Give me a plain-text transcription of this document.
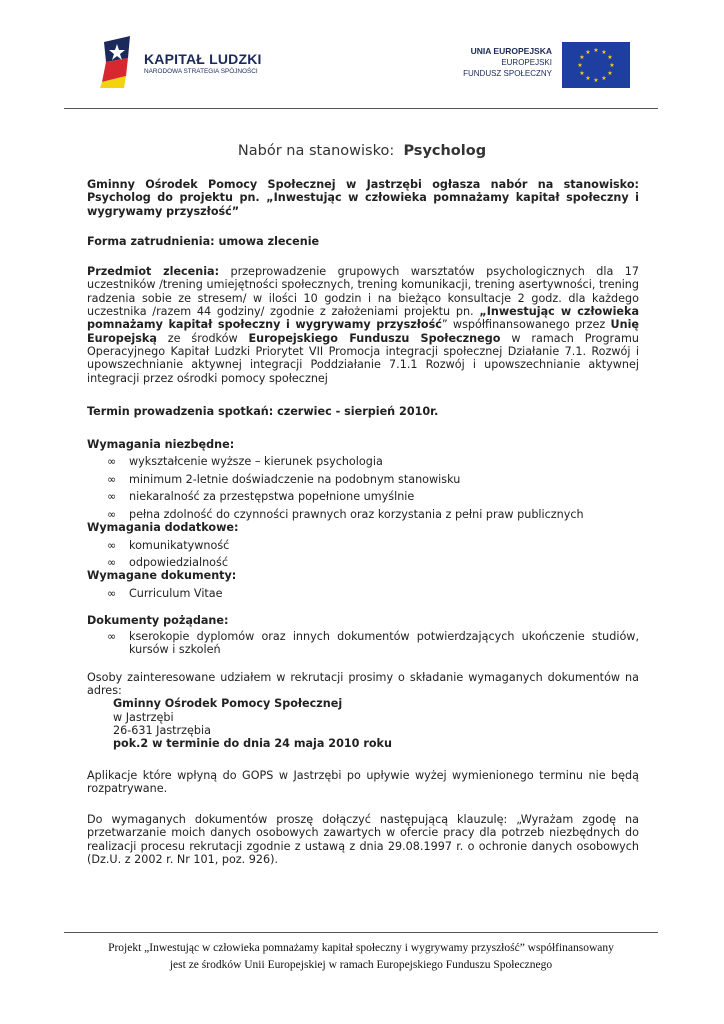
KAPITAŁ LUDZKI
NARODOWA STRATEGIA SPÓJNOŚCI
UNIA EUROPEJSKA
EUROPEJSKI
FUNDUSZ SPOŁECZNY
★ ★
★
★
★
★
★
★
★
★
★
★
Nabór na stanowisko: Psycholog

Gminny Ośrodek Pomocy Społecznej w Jastrzębi ogłasza nabór na stanowisko: Psycholog do projektu pn. „Inwestując w człowieka pomnażamy kapitał społeczny i wygrywamy przyszłość”

Forma zatrudnienia: umowa zlecenie

Przedmiot zlecenia: przeprowadzenie grupowych warsztatów psychologicznych dla 17 uczestników /trening umiejętności społecznych, trening komunikacji, trening asertywności, trening radzenia sobie ze stresem/ w ilości 10 godzin i na bieżąco konsultacje 2 godz. dla każdego uczestnika /razem 44 godziny/ zgodnie z założeniami projektu pn. „Inwestując w człowieka pomnażamy kapitał społeczny i wygrywamy przyszłość” współfinansowanego przez Unię Europejską ze środków Europejskiego Funduszu Społecznego w ramach Programu Operacyjnego Kapitał Ludzki Priorytet VII Promocja integracji społecznej Działanie 7.1. Rozwój i upowszechnianie aktywnej integracji Poddziałanie 7.1.1 Rozwój i upowszechnianie aktywnej integracji przez ośrodki pomocy społecznej

Termin prowadzenia spotkań: czerwiec - sierpień 2010r.

Wymagania niezbędne:

∞ wykształcenie wyższe – kierunek psychologia
∞ minimum 2-letnie doświadczenie na podobnym stanowisku
∞ niekaralność za przestępstwa popełnione umyślnie
∞ pełna zdolność do czynności prawnych oraz korzystania z pełni praw publicznych

Wymagania dodatkowe:

∞ komunikatywność
∞ odpowiedzialność

Wymagane dokumenty:

∞ Curriculum Vitae

Dokumenty pożądane:

∞ kserokopie dyplomów oraz innych dokumentów potwierdzających ukończenie studiów, kursów i szkoleń

Osoby zainteresowane udziałem w rekrutacji prosimy o składanie wymaganych dokumentów na adres:

Gminny Ośrodek Pomocy Społecznej

w Jastrzębi

26-631 Jastrzębia

pok.2 w terminie do dnia 24 maja 2010 roku

Aplikacje które wpłyną do GOPS w Jastrzębi po upływie wyżej wymienionego terminu nie będą rozpatrywane.

Do wymaganych dokumentów proszę dołączyć następującą klauzulę: „Wyrażam zgodę na przetwarzanie moich danych osobowych zawartych w ofercie pracy dla potrzeb niezbędnych do realizacji procesu rekrutacji zgodnie z ustawą z dnia 29.08.1997 r. o ochronie danych osobowych (Dz.U. z 2002 r. Nr 101, poz. 926).

Projekt „Inwestując w człowieka pomnażamy kapitał społeczny i wygrywamy przyszłość” współfinansowany
jest ze środków Unii Europejskiej w ramach Europejskiego Funduszu Społecznego
